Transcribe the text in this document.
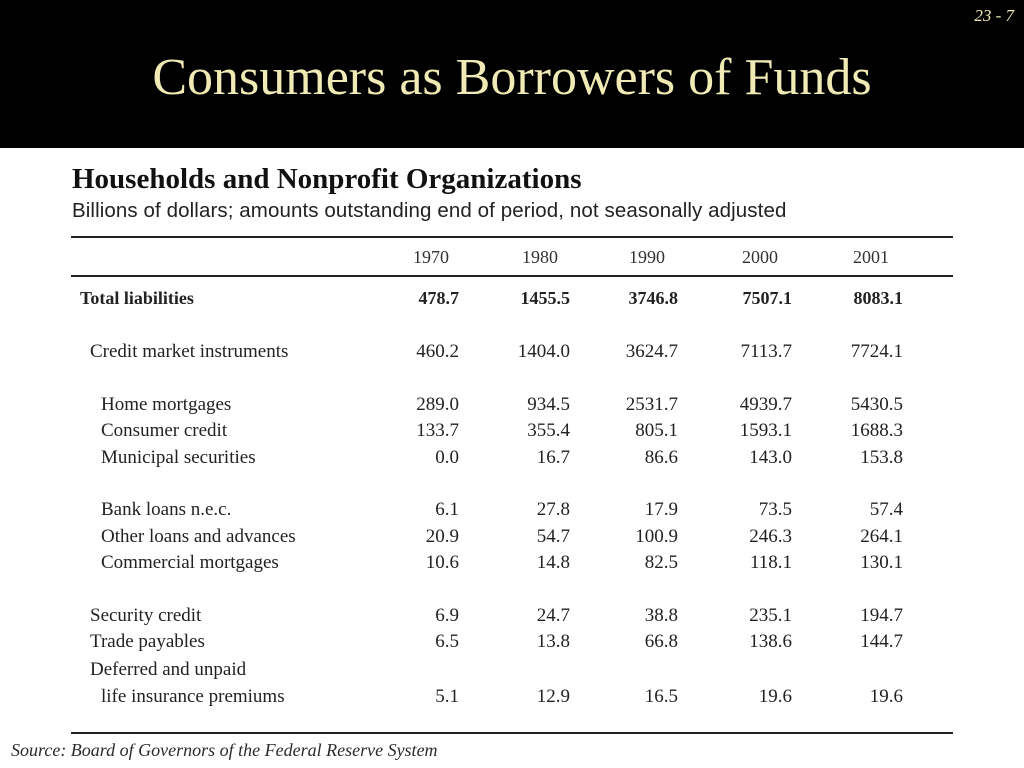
23 - 7
Consumers as Borrowers of Funds
Households and Nonprofit Organizations
Billions of dollars; amounts outstanding end of period, not seasonally adjusted
1970	1980	1990	2000	2001
Total liabilities	478.7	1455.5	3746.8	7507.1	8083.1
Credit market instruments	460.2	1404.0	3624.7	7113.7	7724.1
Home mortgages	289.0	934.5	2531.7	4939.7	5430.5
Consumer credit	133.7	355.4	805.1	1593.1	1688.3
Municipal securities	0.0	16.7	86.6	143.0	153.8
Bank loans n.e.c.	6.1	27.8	17.9	73.5	57.4
Other loans and advances	20.9	54.7	100.9	246.3	264.1
Commercial mortgages	10.6	14.8	82.5	118.1	130.1
Security credit	6.9	24.7	38.8	235.1	194.7
Trade payables	6.5	13.8	66.8	138.6	144.7
Deferred and unpaid
life insurance premiums	5.1	12.9	16.5	19.6	19.6
Source: Board of Governors of the Federal Reserve System
